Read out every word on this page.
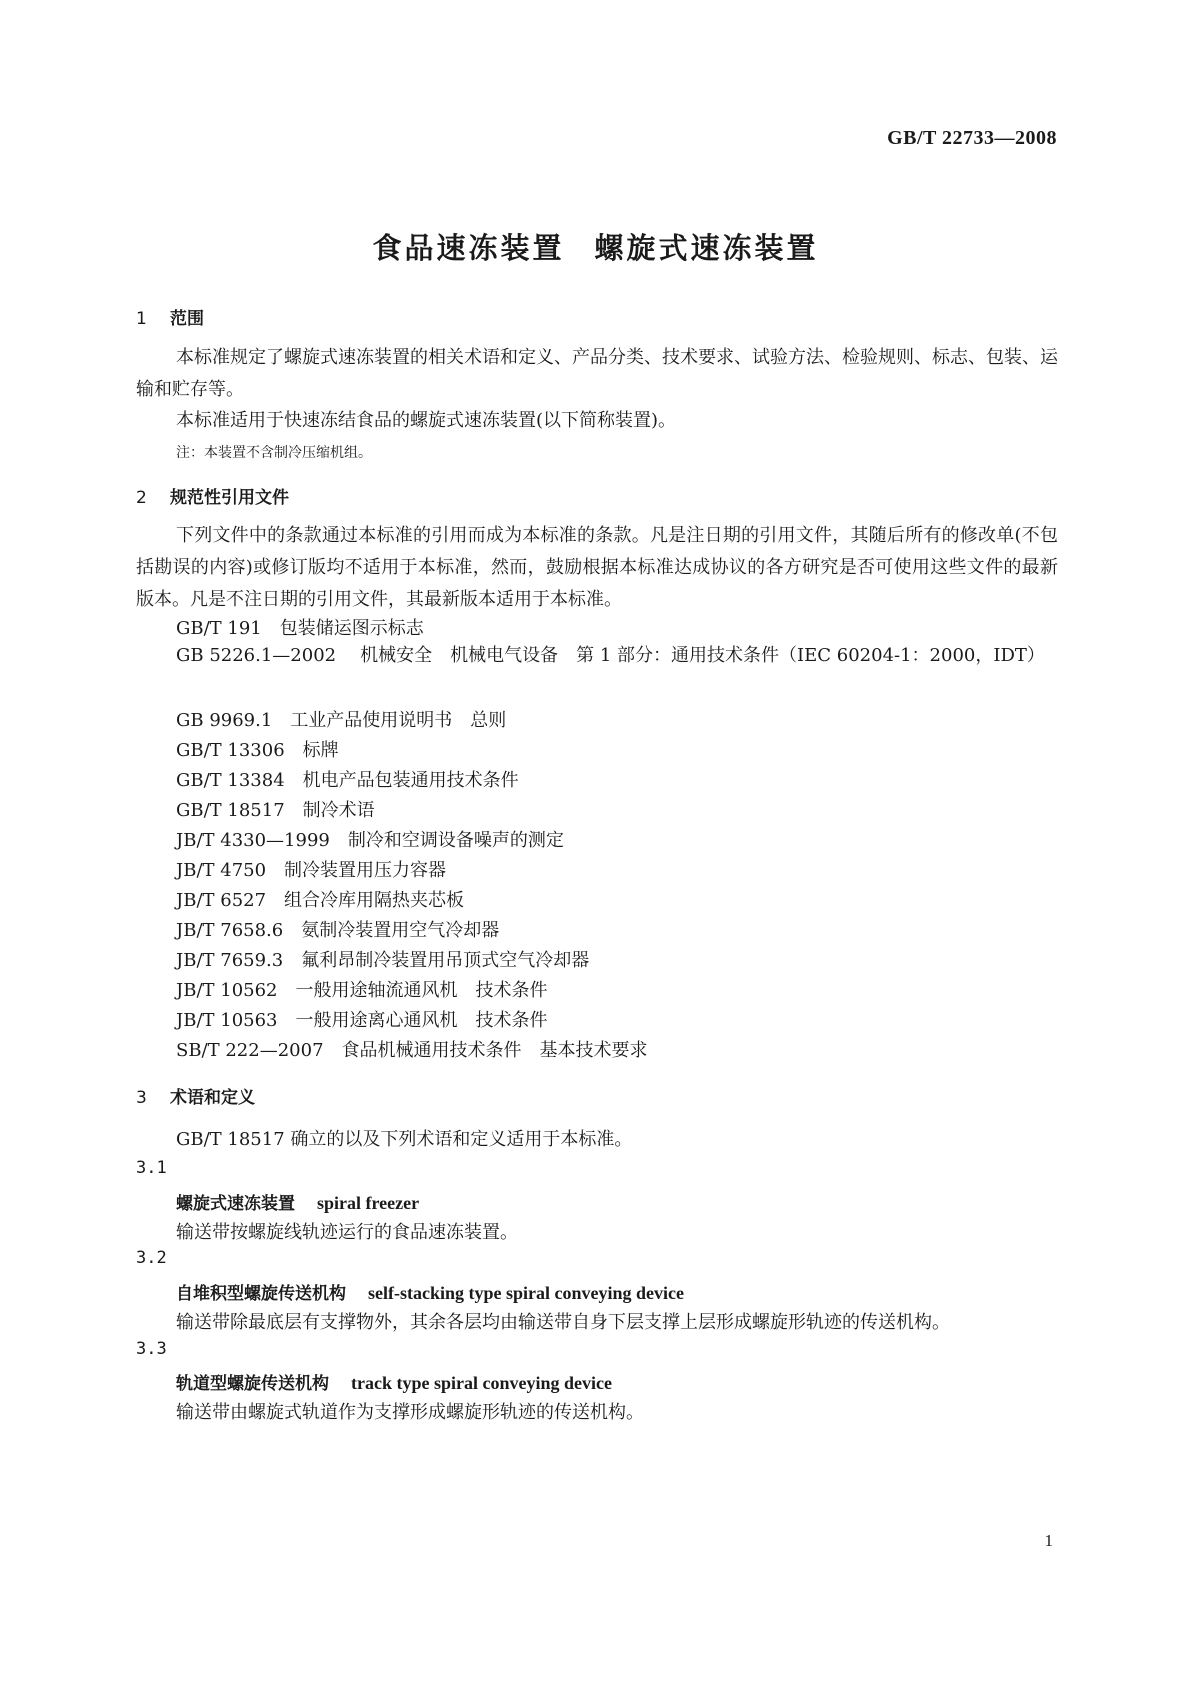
GB/T 22733—2008
食品速冻装置 螺旋式速冻装置
1 范围
本标准规定了螺旋式速冻装置的相关术语和定义、产品分类、技术要求、试验方法、检验规则、标志、包装、运输和贮存等。
本标准适用于快速冻结食品的螺旋式速冻装置(以下简称装置)。
注：本装置不含制冷压缩机组。
2 规范性引用文件
下列文件中的条款通过本标准的引用而成为本标准的条款。凡是注日期的引用文件，其随后所有的修改单(不包括勘误的内容)或修订版均不适用于本标准，然而，鼓励根据本标准达成协议的各方研究是否可使用这些文件的最新版本。凡是不注日期的引用文件，其最新版本适用于本标准。
GB/T 191 包装储运图示标志
GB 5226.1—2002 机械安全　机械电气设备　第 1 部分：通用技术条件（IEC 60204-1：2000，IDT）
GB 9969.1 工业产品使用说明书　总则
GB/T 13306 标牌
GB/T 13384 机电产品包装通用技术条件
GB/T 18517 制冷术语
JB/T 4330—1999 制冷和空调设备噪声的测定
JB/T 4750 制冷装置用压力容器
JB/T 6527 组合冷库用隔热夹芯板
JB/T 7658.6 氨制冷装置用空气冷却器
JB/T 7659.3 氟利昂制冷装置用吊顶式空气冷却器
JB/T 10562 一般用途轴流通风机　技术条件
JB/T 10563 一般用途离心通风机　技术条件
SB/T 222—2007 食品机械通用技术条件　基本技术要求
3 术语和定义
GB/T 18517 确立的以及下列术语和定义适用于本标准。
3.1
螺旋式速冻装置 spiral freezer
输送带按螺旋线轨迹运行的食品速冻装置。
3.2
自堆积型螺旋传送机构 self-stacking type spiral conveying device
输送带除最底层有支撑物外，其余各层均由输送带自身下层支撑上层形成螺旋形轨迹的传送机构。
3.3
轨道型螺旋传送机构 track type spiral conveying device
输送带由螺旋式轨道作为支撑形成螺旋形轨迹的传送机构。
1
